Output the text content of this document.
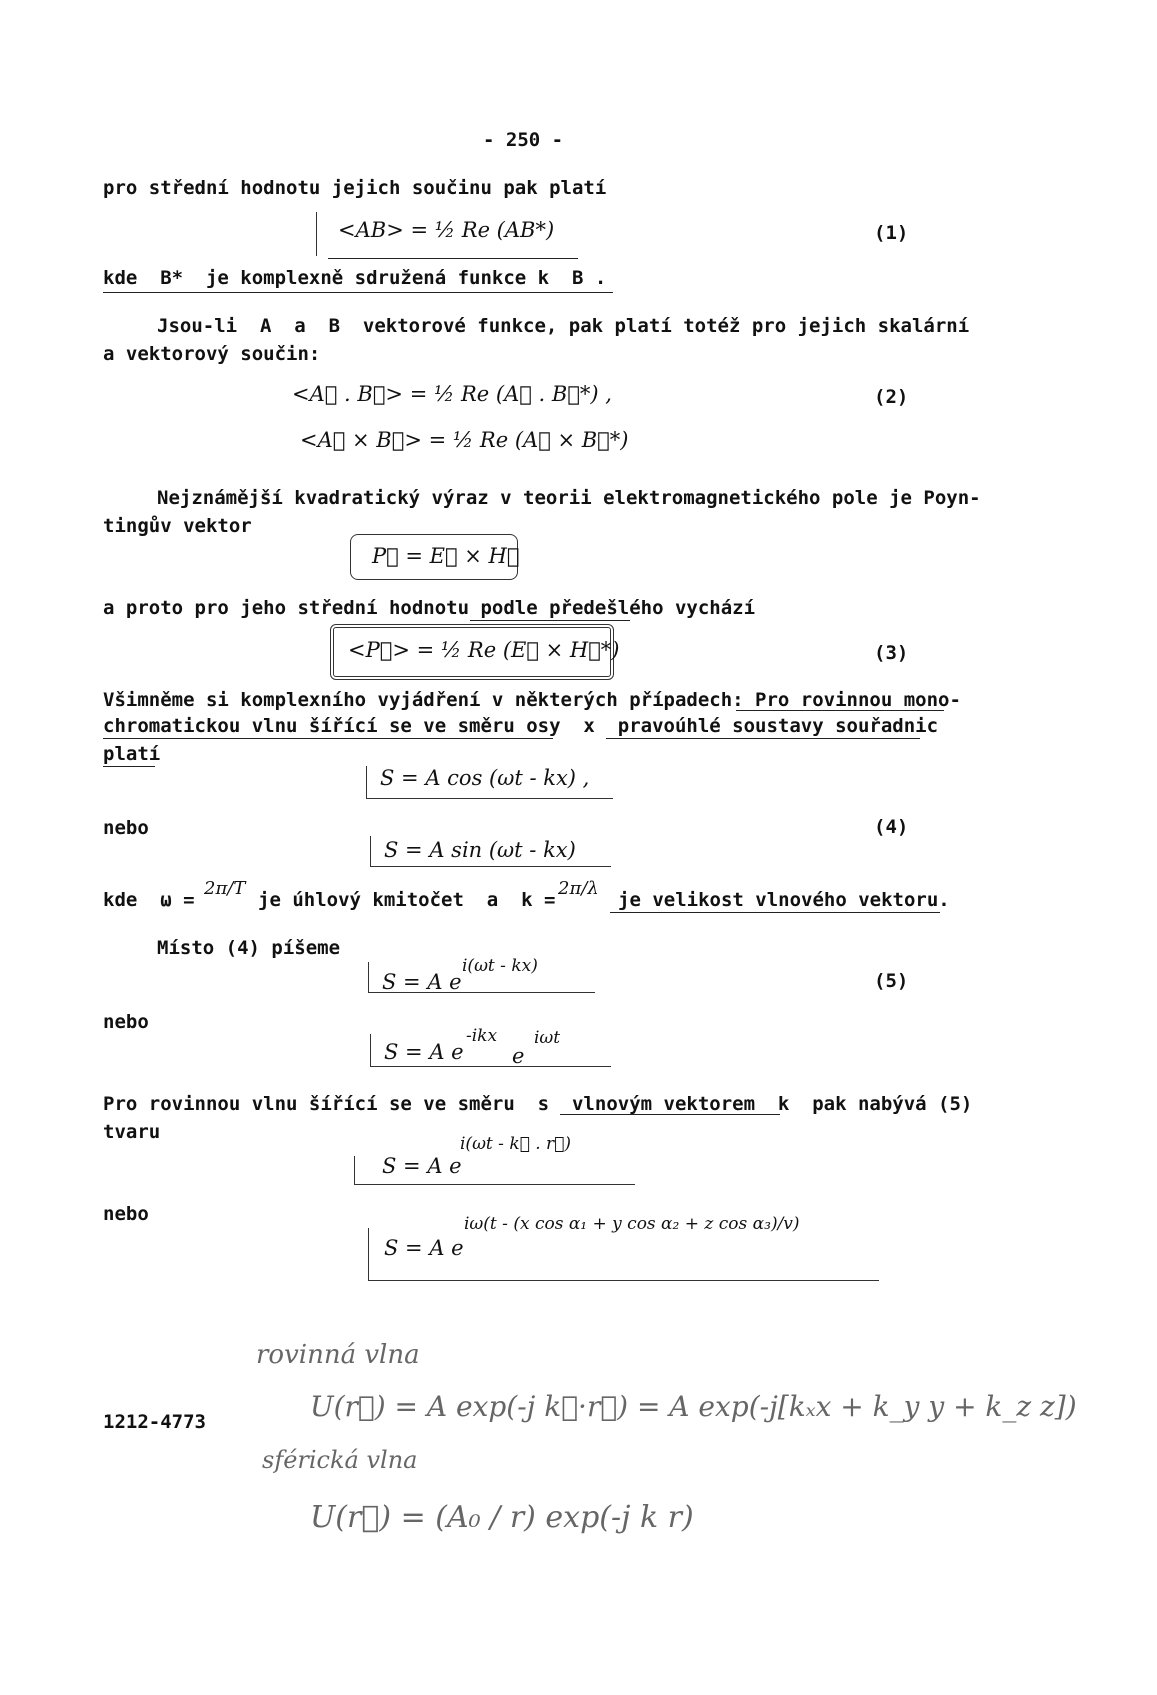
- 250 -
pro střední hodnotu jejich součinu pak platí
<AB> = ½ Re (AB*)	(1)
kde  B*  je komplexně sdružená funkce k  B .
Jsou-li  A  a  B  vektorové funkce, pak platí totéž pro jejich skalární
a vektorový součin:
<A⃗ . B⃗> = ½ Re (A⃗ . B⃗*) ,
<A⃗ × B⃗> = ½ Re (A⃗ × B⃗*)
(2)
Nejznámější kvadratický výraz v teorii elektromagnetického pole je Poyn-
tingův vektor
P⃗ = E⃗ × H⃗
a proto pro jeho střední hodnotu podle předešlého vychází
<P⃗> = ½ Re (E⃗ × H⃗*)	(3)
Všimněme si komplexního vyjádření v některých případech: Pro rovinnou mono-
chromatickou vlnu šířící se ve směru osy  x  pravoúhlé soustavy souřadnic
platí
S = A cos (ωt - kx) ,
nebo	(4)
S = A sin (ωt - kx)
kde  ω =
2π/T
je úhlový kmitočet  a  k =
2π/λ
je velikost vlnového vektoru.
Místo (4) píšeme
S = A e
i(ωt - kx)
(5)
nebo
S = A e
-ikx
e
iωt
Pro rovinnou vlnu šířící se ve směru  s  vlnovým vektorem  k  pak nabývá (5)
tvaru
S = A e
i(ωt - k⃗ . r⃗)
nebo
S = A e
iω(t - (x cos α₁ + y cos α₂ + z cos α₃)/v)
rovinná vlna
U(r⃗) = A exp(-j k⃗·r⃗) = A exp(-j[kₓx + k_y y + k_z z])
sférická vlna
U(r⃗) = (A₀ / r) exp(-j k r)
1212-4773
